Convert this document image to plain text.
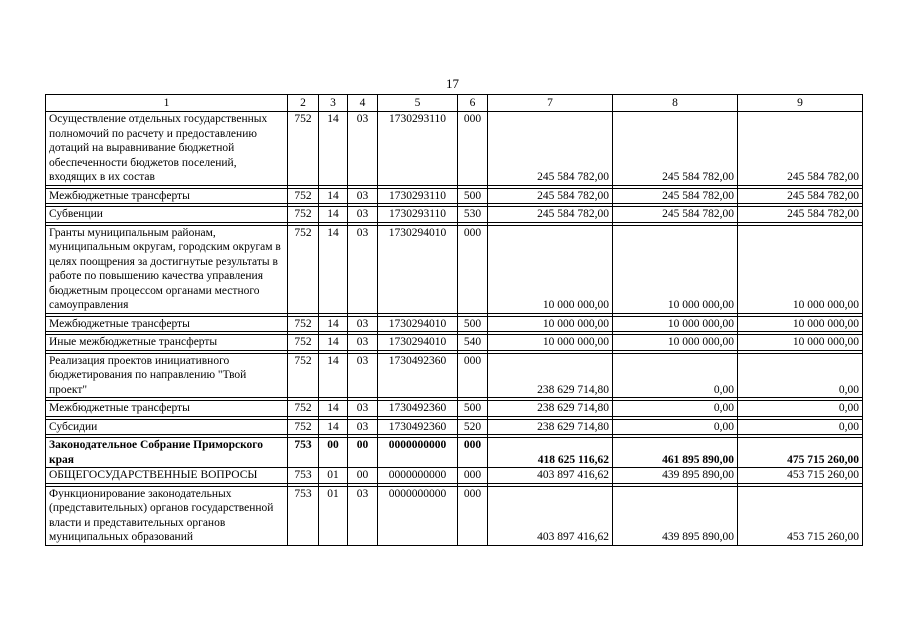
17
1	2	3	4	5	6	7	8	9
Осуществление отдельных государственных полномочий по расчету и предоставлению дотаций на выравнивание бюджетной обеспеченности бюджетов поселений, входящих в их состав	752	14	03	1730293110	000	245 584 782,00	245 584 782,00	245 584 782,00

Межбюджетные трансферты	752	14	03	1730293110	500	245 584 782,00	245 584 782,00	245 584 782,00

Субвенции	752	14	03	1730293110	530	245 584 782,00	245 584 782,00	245 584 782,00

Гранты муниципальным районам, муниципальным округам, городским округам в целях поощрения за достигнутые результаты в работе по повышению качества управления бюджетным процессом органами местного самоуправления	752	14	03	1730294010	000	10 000 000,00	10 000 000,00	10 000 000,00

Межбюджетные трансферты	752	14	03	1730294010	500	10 000 000,00	10 000 000,00	10 000 000,00

Иные межбюджетные трансферты	752	14	03	1730294010	540	10 000 000,00	10 000 000,00	10 000 000,00

Реализация проектов инициативного бюджетирования по направлению "Твой проект"	752	14	03	1730492360	000	238 629 714,80	0,00	0,00

Межбюджетные трансферты	752	14	03	1730492360	500	238 629 714,80	0,00	0,00

Субсидии	752	14	03	1730492360	520	238 629 714,80	0,00	0,00

Законодательное Собрание Приморского края	753	00	00	0000000000	000	418 625 116,62	461 895 890,00	475 715 260,00
ОБЩЕГОСУДАРСТВЕННЫЕ ВОПРОСЫ	753	01	00	0000000000	000	403 897 416,62	439 895 890,00	453 715 260,00

Функционирование законодательных (представительных) органов государственной власти и представительных органов муниципальных образований	753	01	03	0000000000	000	403 897 416,62	439 895 890,00	453 715 260,00
